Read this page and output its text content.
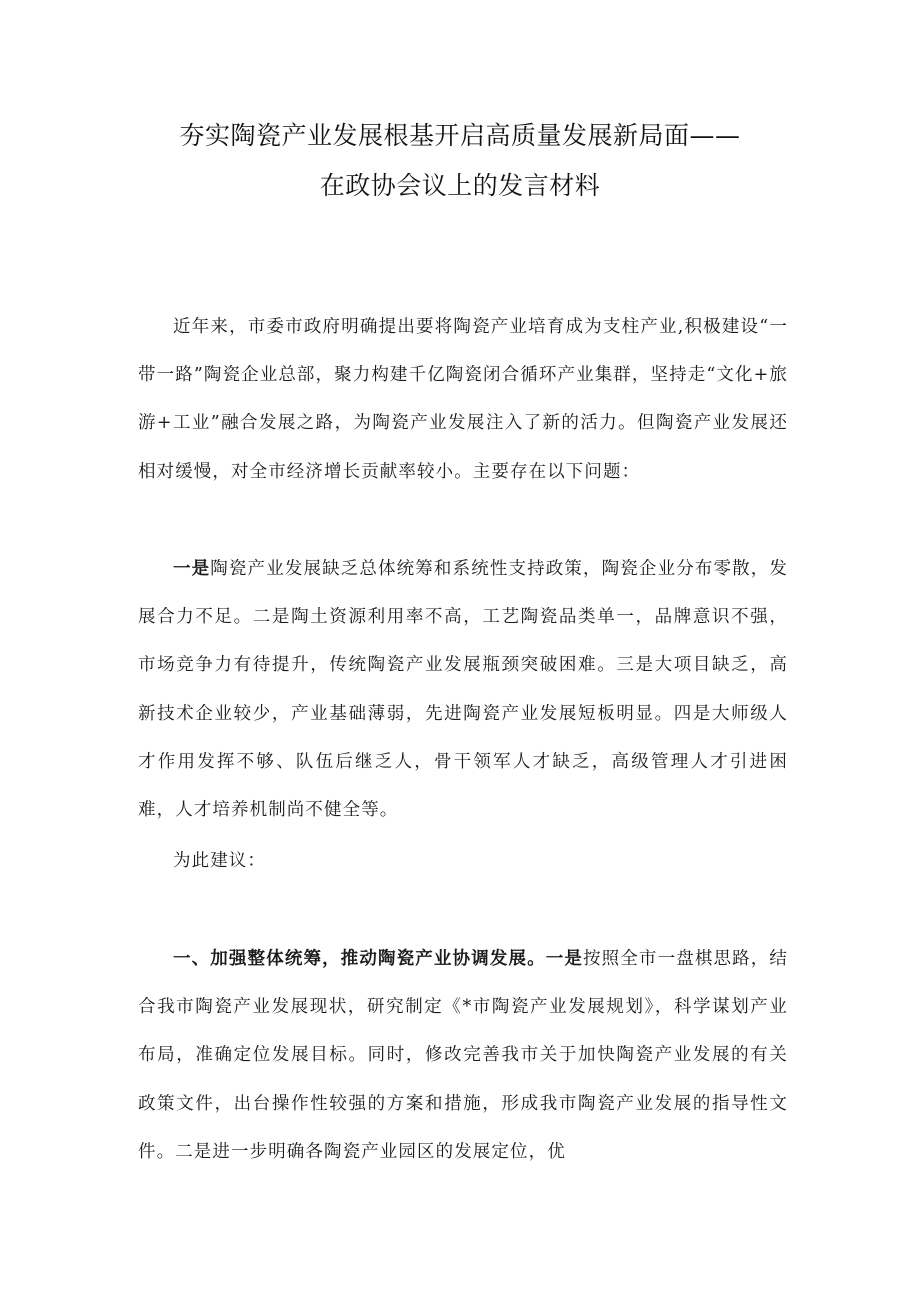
夯实陶瓷产业发展根基开启高质量发展新局面——
在政协会议上的发言材料

近年来，市委市政府明确提出要将陶瓷产业培育成为支柱产业,积极建设“一带一路”陶瓷企业总部，聚力构建千亿陶瓷闭合循环产业集群，坚持走“文化+旅游+工业”融合发展之路，为陶瓷产业发展注入了新的活力。但陶瓷产业发展还相对缓慢，对全市经济增长贡献率较小。主要存在以下问题：

一是陶瓷产业发展缺乏总体统筹和系统性支持政策，陶瓷企业分布零散，发展合力不足。二是陶土资源利用率不高，工艺陶瓷品类单一，品牌意识不强，市场竞争力有待提升，传统陶瓷产业发展瓶颈突破困难。三是大项目缺乏，高新技术企业较少，产业基础薄弱，先进陶瓷产业发展短板明显。四是大师级人才作用发挥不够、队伍后继乏人，骨干领军人才缺乏，高级管理人才引进困难，人才培养机制尚不健全等。

为此建议：

一、加强整体统筹，推动陶瓷产业协调发展。一是按照全市一盘棋思路，结合我市陶瓷产业发展现状，研究制定《*市陶瓷产业发展规划》，科学谋划产业布局，准确定位发展目标。同时，修改完善我市关于加快陶瓷产业发展的有关政策文件，出台操作性较强的方案和措施，形成我市陶瓷产业发展的指导性文件。二是进一步明确各陶瓷产业园区的发展定位，优
